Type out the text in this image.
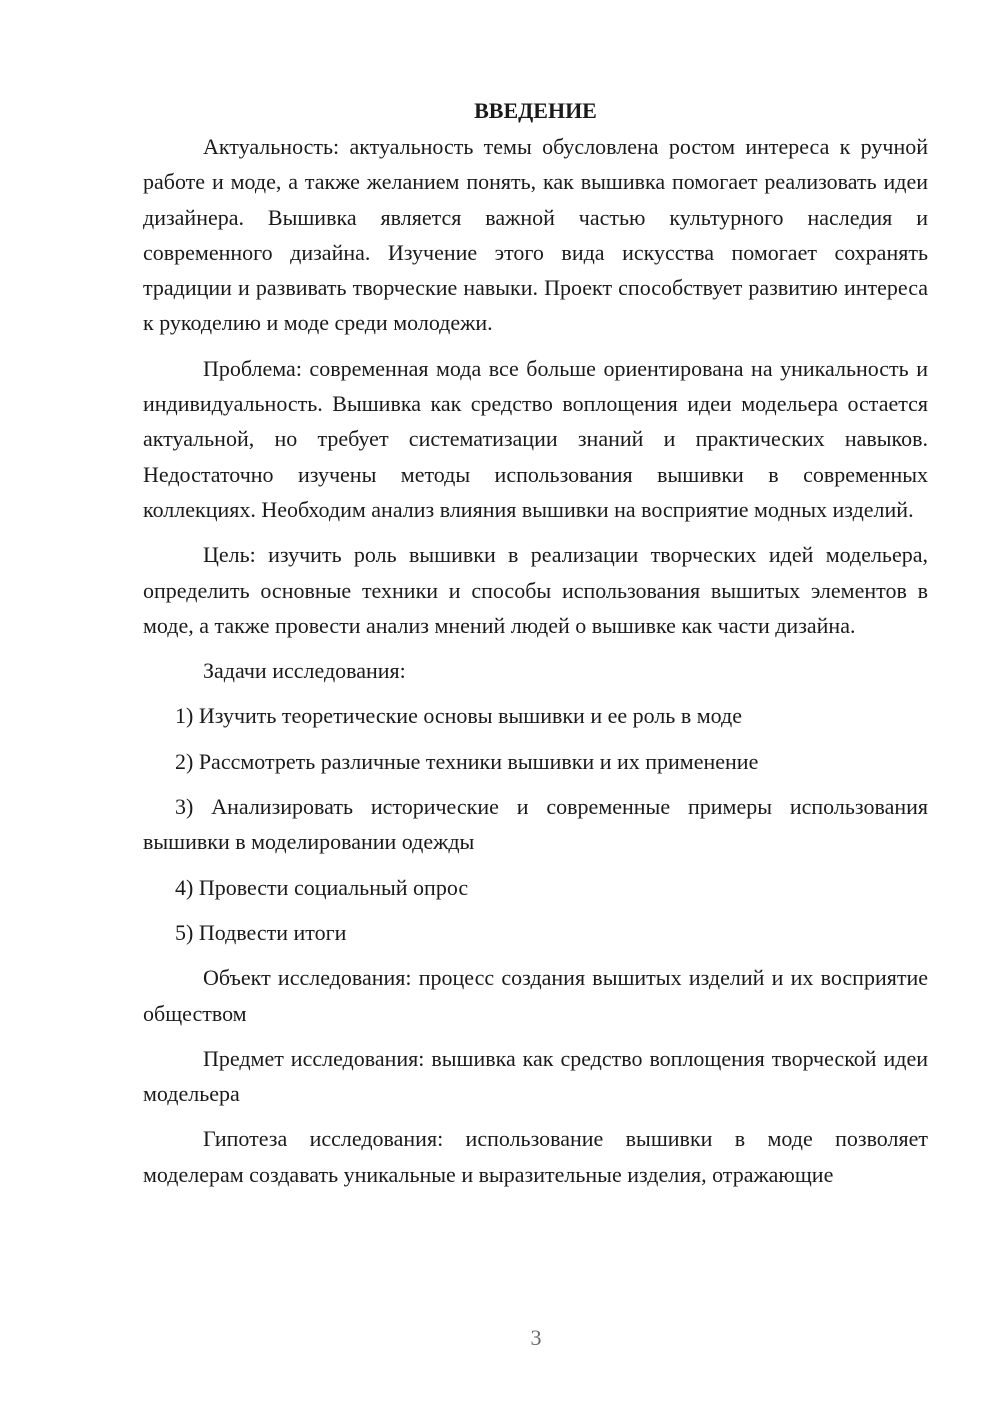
ВВЕДЕНИЕ

Актуальность: актуальность темы обусловлена ростом интереса к ручной работе и моде, а также желанием понять, как вышивка помогает реализовать идеи дизайнера. Вышивка является важной частью культурного наследия и современного дизайна. Изучение этого вида искусства помогает сохранять традиции и развивать творческие навыки. Проект способствует развитию интереса к рукоделию и моде среди молодежи.

Проблема: современная мода все больше ориентирована на уникальность и индивидуальность. Вышивка как средство воплощения идеи модельера остается актуальной, но требует систематизации знаний и практических навыков. Недостаточно изучены методы использования вышивки в современных коллекциях. Необходим анализ влияния вышивки на восприятие модных изделий.

Цель: изучить роль вышивки в реализации творческих идей модельера, определить основные техники и способы использования вышитых элементов в моде, а также провести анализ мнений людей о вышивке как части дизайна.

Задачи исследования:

1) Изучить теоретические основы вышивки и ее роль в моде

2) Рассмотреть различные техники вышивки и их применение

3) Анализировать исторические и современные примеры использования вышивки в моделировании одежды

4) Провести социальный опрос

5) Подвести итоги

Объект исследования: процесс создания вышитых изделий и их восприятие обществом

Предмет исследования: вышивка как средство воплощения творческой идеи модельера

Гипотеза исследования: использование вышивки в моде позволяет моделерам создавать уникальные и выразительные изделия, отражающие

3
